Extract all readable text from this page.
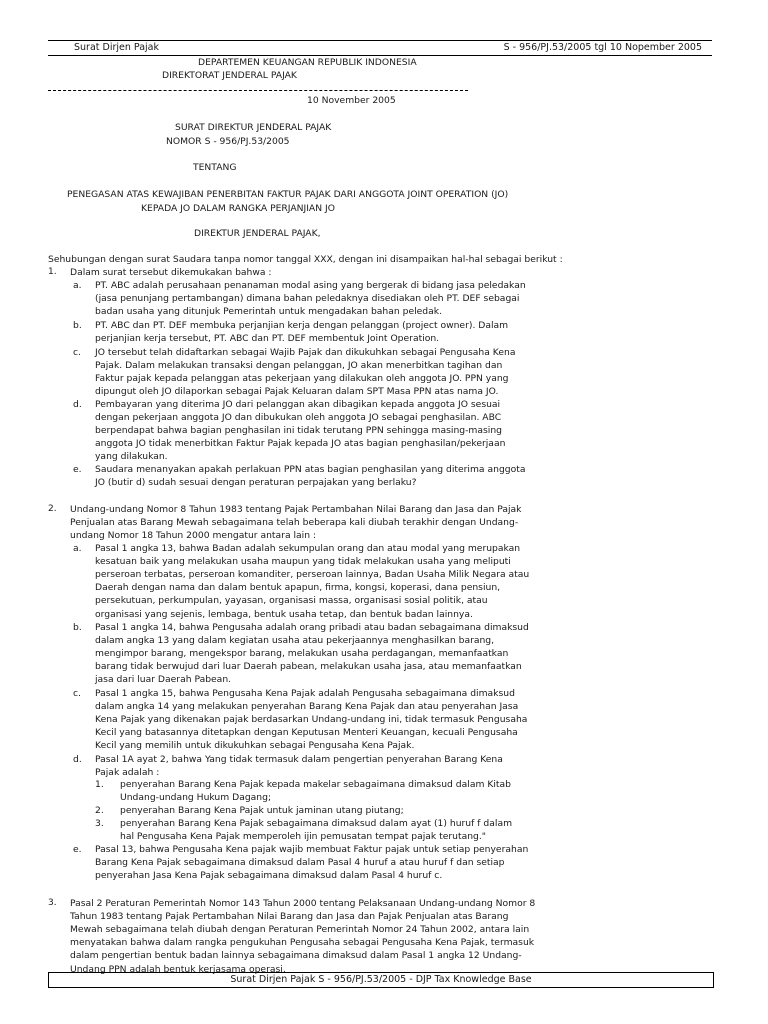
Surat Dirjen Pajak	S - 956/PJ.53/2005 tgl 10 Nopember 2005
DEPARTEMEN KEUANGAN REPUBLIK INDONESIA
DIREKTORAT JENDERAL PAJAK
10 November 2005
SURAT DIREKTUR JENDERAL PAJAK
NOMOR S - 956/PJ.53/2005
TENTANG
PENEGASAN ATAS KEWAJIBAN PENERBITAN FAKTUR PAJAK DARI ANGGOTA JOINT OPERATION (JO)
KEPADA JO DALAM RANGKA PERJANJIAN JO
DIREKTUR JENDERAL PAJAK,
Sehubungan dengan surat Saudara tanpa nomor tanggal XXX, dengan ini disampaikan hal-hal sebagai berikut :
1. Dalam surat tersebut dikemukakan bahwa :
a. PT. ABC adalah perusahaan penanaman modal asing yang bergerak di bidang jasa peledakan
(jasa penunjang pertambangan) dimana bahan peledaknya disediakan oleh PT. DEF sebagai
badan usaha yang ditunjuk Pemerintah untuk mengadakan bahan peledak.
b. PT. ABC dan PT. DEF membuka perjanjian kerja dengan pelanggan (project owner). Dalam
perjanjian kerja tersebut, PT. ABC dan PT. DEF membentuk Joint Operation.
c. JO tersebut telah didaftarkan sebagai Wajib Pajak dan dikukuhkan sebagai Pengusaha Kena
Pajak. Dalam melakukan transaksi dengan pelanggan, JO akan menerbitkan tagihan dan
Faktur pajak kepada pelanggan atas pekerjaan yang dilakukan oleh anggota JO. PPN yang
dipungut oleh JO dilaporkan sebagai Pajak Keluaran dalam SPT Masa PPN atas nama JO.
d. Pembayaran yang diterima JO dari pelanggan akan dibagikan kepada anggota JO sesuai
dengan pekerjaan anggota JO dan dibukukan oleh anggota JO sebagai penghasilan. ABC
berpendapat bahwa bagian penghasilan ini tidak terutang PPN sehingga masing-masing
anggota JO tidak menerbitkan Faktur Pajak kepada JO atas bagian penghasilan/pekerjaan
yang dilakukan.
e. Saudara menanyakan apakah perlakuan PPN atas bagian penghasilan yang diterima anggota
JO (butir d) sudah sesuai dengan peraturan perpajakan yang berlaku?
2. Undang-undang Nomor 8 Tahun 1983 tentang Pajak Pertambahan Nilai Barang dan Jasa dan Pajak
Penjualan atas Barang Mewah sebagaimana telah beberapa kali diubah terakhir dengan Undang-
undang Nomor 18 Tahun 2000 mengatur antara lain :
a. Pasal 1 angka 13, bahwa Badan adalah sekumpulan orang dan atau modal yang merupakan
kesatuan baik yang melakukan usaha maupun yang tidak melakukan usaha yang meliputi
perseroan terbatas, perseroan komanditer, perseroan lainnya, Badan Usaha Milik Negara atau
Daerah dengan nama dan dalam bentuk apapun, firma, kongsi, koperasi, dana pensiun,
persekutuan, perkumpulan, yayasan, organisasi massa, organisasi sosial politik, atau
organisasi yang sejenis, lembaga, bentuk usaha tetap, dan bentuk badan lainnya.
b. Pasal 1 angka 14, bahwa Pengusaha adalah orang pribadi atau badan sebagaimana dimaksud
dalam angka 13 yang dalam kegiatan usaha atau pekerjaannya menghasilkan barang,
mengimpor barang, mengekspor barang, melakukan usaha perdagangan, memanfaatkan
barang tidak berwujud dari luar Daerah pabean, melakukan usaha jasa, atau memanfaatkan
jasa dari luar Daerah Pabean.
c. Pasal 1 angka 15, bahwa Pengusaha Kena Pajak adalah Pengusaha sebagaimana dimaksud
dalam angka 14 yang melakukan penyerahan Barang Kena Pajak dan atau penyerahan Jasa
Kena Pajak yang dikenakan pajak berdasarkan Undang-undang ini, tidak termasuk Pengusaha
Kecil yang batasannya ditetapkan dengan Keputusan Menteri Keuangan, kecuali Pengusaha
Kecil yang memilih untuk dikukuhkan sebagai Pengusaha Kena Pajak.
d. Pasal 1A ayat 2, bahwa Yang tidak termasuk dalam pengertian penyerahan Barang Kena
Pajak adalah :
e. Pasal 13, bahwa Pengusaha Kena pajak wajib membuat Faktur pajak untuk setiap penyerahan
Barang Kena Pajak sebagaimana dimaksud dalam Pasal 4 huruf a atau huruf f dan setiap
penyerahan Jasa Kena Pajak sebagaimana dimaksud dalam Pasal 4 huruf c.
1. penyerahan Barang Kena Pajak kepada makelar sebagaimana dimaksud dalam Kitab
Undang-undang Hukum Dagang;
2. penyerahan Barang Kena Pajak untuk jaminan utang piutang;
3. penyerahan Barang Kena Pajak sebagaimana dimaksud dalam ayat (1) huruf f dalam
hal Pengusaha Kena Pajak memperoleh ijin pemusatan tempat pajak terutang."
3. Pasal 2 Peraturan Pemerintah Nomor 143 Tahun 2000 tentang Pelaksanaan Undang-undang Nomor 8
Tahun 1983 tentang Pajak Pertambahan Nilai Barang dan Jasa dan Pajak Penjualan atas Barang
Mewah sebagaimana telah diubah dengan Peraturan Pemerintah Nomor 24 Tahun 2002, antara lain
menyatakan bahwa dalam rangka pengukuhan Pengusaha sebagai Pengusaha Kena Pajak, termasuk
dalam pengertian bentuk badan lainnya sebagaimana dimaksud dalam Pasal 1 angka 12 Undang-
Undang PPN adalah bentuk kerjasama operasi.
Surat Dirjen Pajak S - 956/PJ.53/2005 - DJP Tax Knowledge Base
